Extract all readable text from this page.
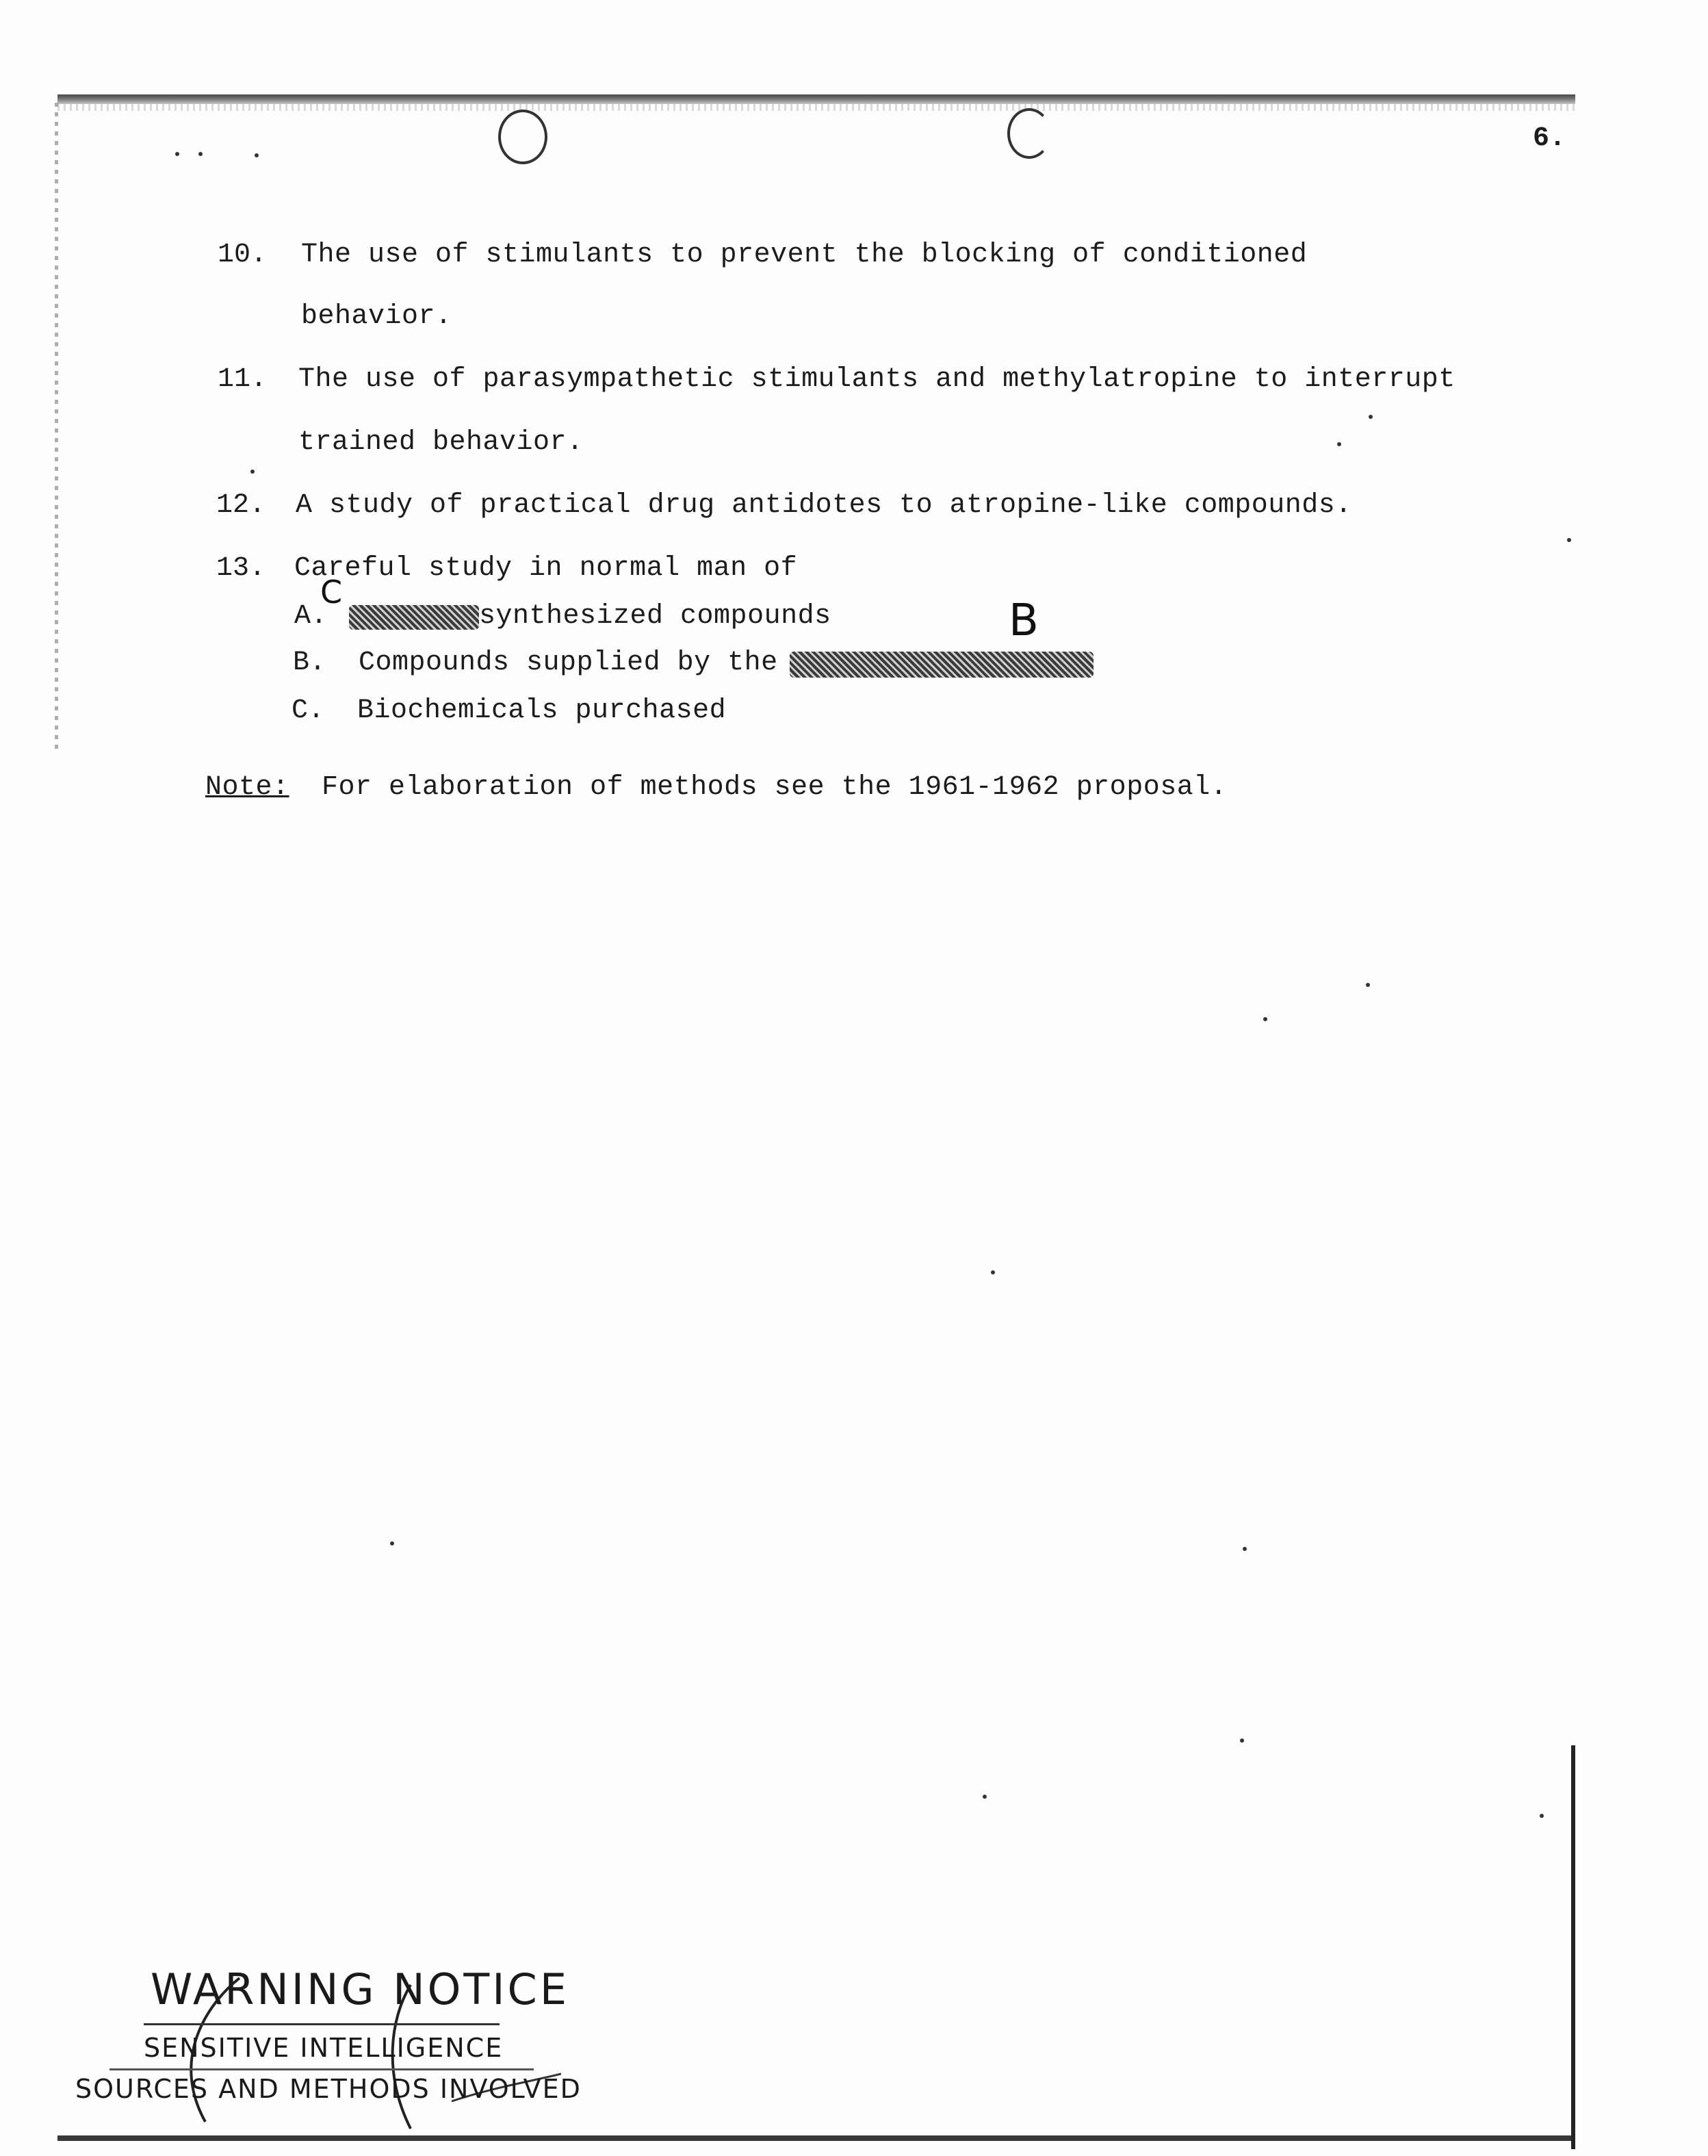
6.
10. The use of stimulants to prevent the blocking of conditioned
behavior.
11. The use of parasympathetic stimulants and methylatropine to interrupt
trained behavior.
12. A study of practical drug antidotes to atropine-like compounds.
13. Careful study in normal man of
A.	synthesized compounds
B. Compounds supplied by the
C. Biochemicals purchased
C
B
Note: For elaboration of methods see the 1961-1962 proposal.
WARNING NOTICE
SENSITIVE INTELLIGENCE
SOURCES AND METHODS INVOLVED
